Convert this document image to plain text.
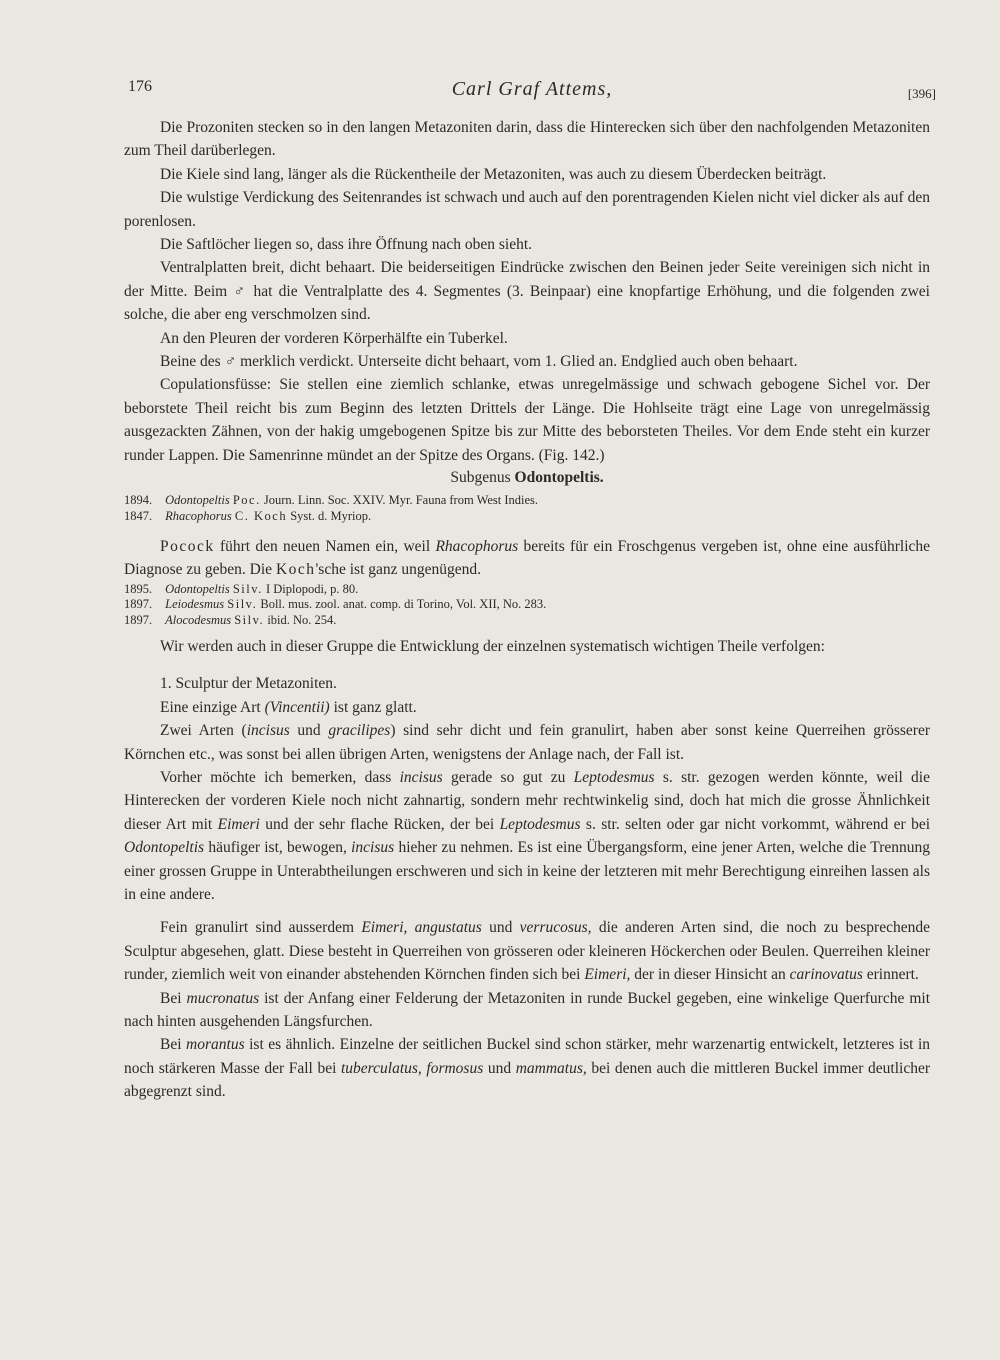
176	Carl Graf Attems,	[396]

Die Prozoniten stecken so in den langen Metazoniten darin, dass die Hinterecken sich über den nachfolgenden Metazoniten zum Theil darüberlegen.

Die Kiele sind lang, länger als die Rückentheile der Metazoniten, was auch zu diesem Überdecken beiträgt.

Die wulstige Verdickung des Seitenrandes ist schwach und auch auf den porentragenden Kielen nicht viel dicker als auf den porenlosen.

Die Saftlöcher liegen so, dass ihre Öffnung nach oben sieht.

Ventralplatten breit, dicht behaart. Die beiderseitigen Eindrücke zwischen den Beinen jeder Seite vereinigen sich nicht in der Mitte. Beim ♂ hat die Ventralplatte des 4. Segmentes (3. Beinpaar) eine knopfartige Erhöhung, und die folgenden zwei solche, die aber eng verschmolzen sind.

An den Pleuren der vorderen Körperhälfte ein Tuberkel.

Beine des ♂ merklich verdickt. Unterseite dicht behaart, vom 1. Glied an. Endglied auch oben behaart.

Copulationsfüsse: Sie stellen eine ziemlich schlanke, etwas unregelmässige und schwach gebogene Sichel vor. Der beborstete Theil reicht bis zum Beginn des letzten Drittels der Länge. Die Hohlseite trägt eine Lage von unregelmässig ausgezackten Zähnen, von der hakig umgebogenen Spitze bis zur Mitte des beborsteten Theiles. Vor dem Ende steht ein kurzer runder Lappen. Die Samenrinne mündet an der Spitze des Organs. (Fig. 142.)

Subgenus Odontopeltis.
1894. Odontopeltis Poc. Journ. Linn. Soc. XXIV. Myr. Fauna from West Indies.
1847. Rhacophorus C. Koch Syst. d. Myriop.

Pocock führt den neuen Namen ein, weil Rhacophorus bereits für ein Froschgenus vergeben ist, ohne eine ausführliche Diagnose zu geben. Die Koch'sche ist ganz ungenügend.

1895. Odontopeltis Silv. I Diplopodi, p. 80.
1897. Leiodesmus Silv. Boll. mus. zool. anat. comp. di Torino, Vol. XII, No. 283.
1897. Alocodesmus Silv. ibid. No. 254.

Wir werden auch in dieser Gruppe die Entwicklung der einzelnen systematisch wichtigen Theile verfolgen:

1. Sculptur der Metazoniten.

Eine einzige Art (Vincentii) ist ganz glatt.

Zwei Arten (incisus und gracilipes) sind sehr dicht und fein granulirt, haben aber sonst keine Querreihen grösserer Körnchen etc., was sonst bei allen übrigen Arten, wenigstens der Anlage nach, der Fall ist.

Vorher möchte ich bemerken, dass incisus gerade so gut zu Leptodesmus s. str. gezogen werden könnte, weil die Hinterecken der vorderen Kiele noch nicht zahnartig, sondern mehr rechtwinkelig sind, doch hat mich die grosse Ähnlichkeit dieser Art mit Eimeri und der sehr flache Rücken, der bei Leptodesmus s. str. selten oder gar nicht vorkommt, während er bei Odontopeltis häufiger ist, bewogen, incisus hieher zu nehmen. Es ist eine Übergangsform, eine jener Arten, welche die Trennung einer grossen Gruppe in Unterabtheilungen erschweren und sich in keine der letzteren mit mehr Berechtigung einreihen lassen als in eine andere.

Fein granulirt sind ausserdem Eimeri, angustatus und verrucosus, die anderen Arten sind, die noch zu besprechende Sculptur abgesehen, glatt. Diese besteht in Querreihen von grösseren oder kleineren Höckerchen oder Beulen. Querreihen kleiner runder, ziemlich weit von einander abstehenden Körnchen finden sich bei Eimeri, der in dieser Hinsicht an carinovatus erinnert.

Bei mucronatus ist der Anfang einer Felderung der Metazoniten in runde Buckel gegeben, eine winkelige Querfurche mit nach hinten ausgehenden Längsfurchen.

Bei morantus ist es ähnlich. Einzelne der seitlichen Buckel sind schon stärker, mehr warzenartig entwickelt, letzteres ist in noch stärkeren Masse der Fall bei tuberculatus, formosus und mammatus, bei denen auch die mittleren Buckel immer deutlicher abgegrenzt sind.
